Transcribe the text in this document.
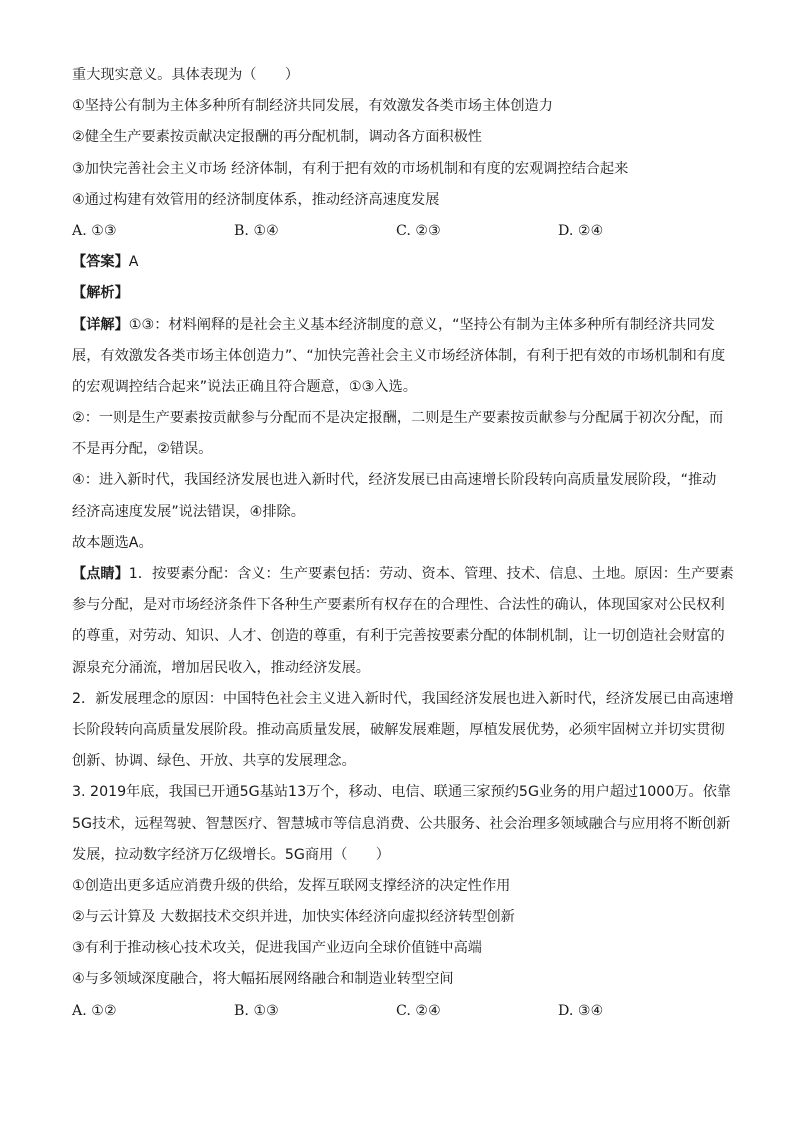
重大现实意义。具体表现为（　　）
①坚持公有制为主体多种所有制经济共同发展，有效激发各类市场主体创造力
②健全生产要素按贡献决定报酬的再分配机制，调动各方面积极性
③加快完善社会主义市场 经济体制，有利于把有效的市场机制和有度的宏观调控结合起来
④通过构建有效管用的经济制度体系，推动经济高速度发展
A. ①③	B. ①④	C. ②③	D. ②④
【答案】A
【解析】
【详解】①③：材料阐释的是社会主义基本经济制度的意义，“坚持公有制为主体多种所有制经济共同发
展，有效激发各类市场主体创造力”、“加快完善社会主义市场经济体制，有利于把有效的市场机制和有度
的宏观调控结合起来”说法正确且符合题意，①③入选。
②：一则是生产要素按贡献参与分配而不是决定报酬，二则是生产要素按贡献参与分配属于初次分配，而
不是再分配，②错误。
④：进入新时代，我国经济发展也进入新时代，经济发展已由高速增长阶段转向高质量发展阶段，“推动
经济高速度发展”说法错误，④排除。
故本题选A。
【点睛】1．按要素分配：含义：生产要素包括：劳动、资本、管理、技术、信息、土地。原因：生产要素
参与分配，是对市场经济条件下各种生产要素所有权存在的合理性、合法性的确认，体现国家对公民权利
的尊重，对劳动、知识、人才、创造的尊重，有利于完善按要素分配的体制机制，让一切创造社会财富的
源泉充分涌流，增加居民收入，推动经济发展。
2．新发展理念的原因：中国特色社会主义进入新时代，我国经济发展也进入新时代，经济发展已由高速增
长阶段转向高质量发展阶段。推动高质量发展，破解发展难题，厚植发展优势，必须牢固树立并切实贯彻
创新、协调、绿色、开放、共享的发展理念。
3. 2019年底，我国已开通5G基站13万个，移动、电信、联通三家预约5G业务的用户超过1000万。依靠
5G技术，远程驾驶、智慧医疗、智慧城市等信息消费、公共服务、社会治理多领域融合与应用将不断创新
发展，拉动数字经济万亿级增长。5G商用（　　）
①创造出更多适应消费升级的供给，发挥互联网支撑经济的决定性作用
②与云计算及 大数据技术交织并进，加快实体经济向虚拟经济转型创新
③有利于推动核心技术攻关，促进我国产业迈向全球价值链中高端
④与多领域深度融合，将大幅拓展网络融合和制造业转型空间
A. ①②	B. ①③	C. ②④	D. ③④
